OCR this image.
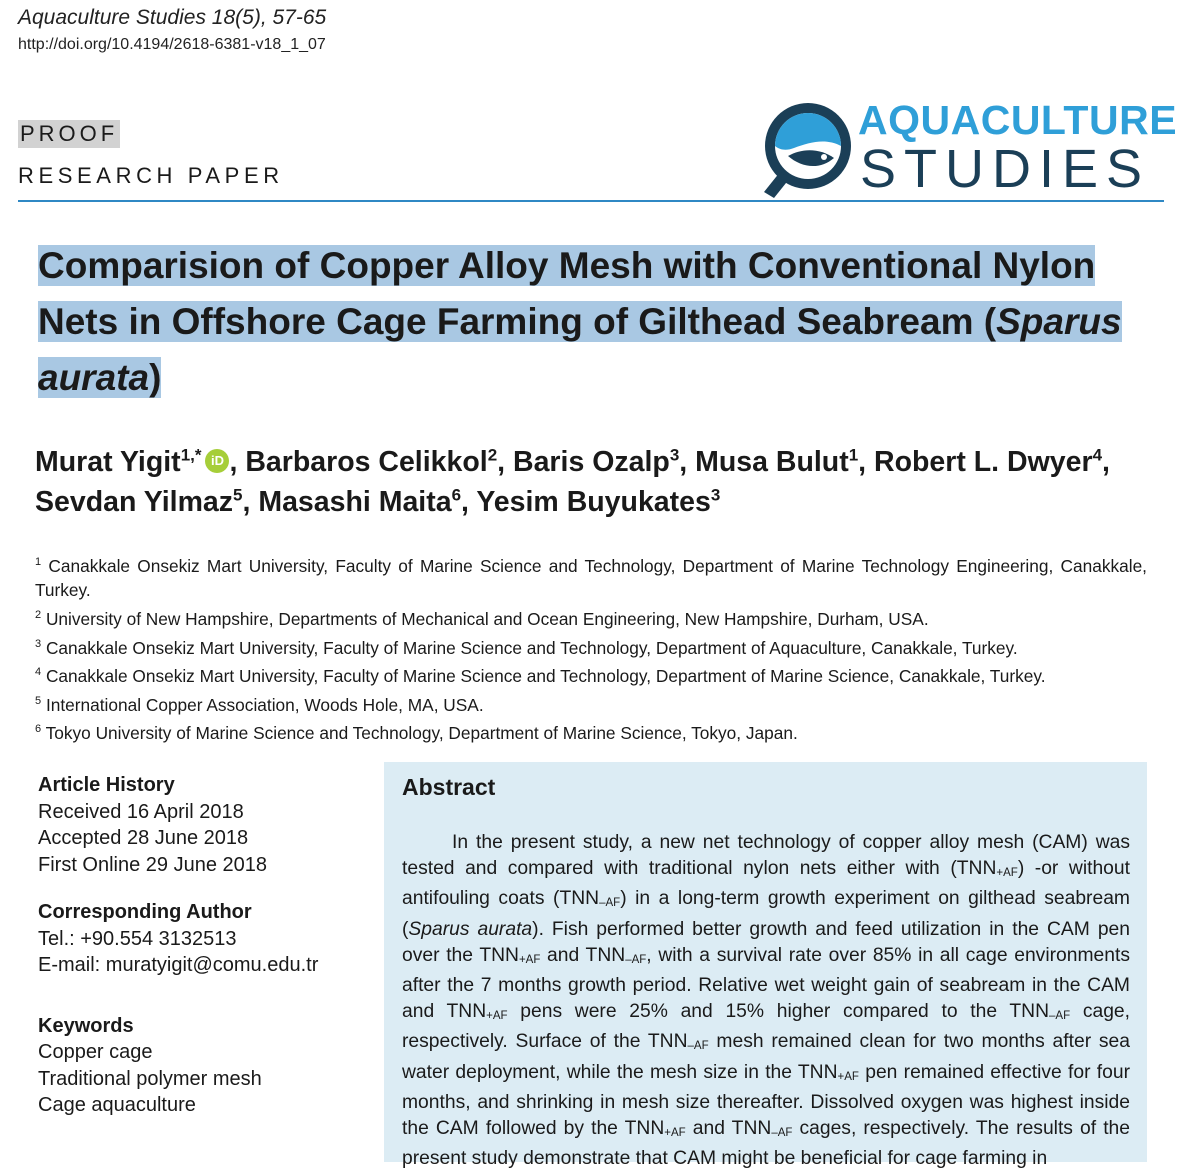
Aquaculture Studies 18(5), 57-65
http://doi.org/10.4194/2618-6381-v18_1_07
PROOF
RESEARCH PAPER
AQUACULTURE
STUDIES
Comparision of Copper Alloy Mesh with Conventional Nylon
Nets in Offshore Cage Farming of Gilthead Seabream (Sparus
aurata)
Murat Yigit$^{1,*}$ iD , Barbaros Celikkol$^2$, Baris Ozalp$^3$, Musa Bulut$^1$, Robert L. Dwyer$^4$,
Sevdan Yilmaz$^5$, Masashi Maita$^6$, Yesim Buyukates$^3$

$^1$ Canakkale Onsekiz Mart University, Faculty of Marine Science and Technology, Department of Marine Technology Engineering, Canakkale, Turkey.

$^2$ University of New Hampshire, Departments of Mechanical and Ocean Engineering, New Hampshire, Durham, USA.

$^3$ Canakkale Onsekiz Mart University, Faculty of Marine Science and Technology, Department of Aquaculture, Canakkale, Turkey.

$^4$ Canakkale Onsekiz Mart University, Faculty of Marine Science and Technology, Department of Marine Science, Canakkale, Turkey.

$^5$ International Copper Association, Woods Hole, MA, USA.

$^6$ Tokyo University of Marine Science and Technology, Department of Marine Science, Tokyo, Japan.

Article History
Received 16 April 2018
Accepted 28 June 2018
First Online 29 June 2018
Corresponding Author
Tel.: +90.554 3132513
E-mail: muratyigit@comu.edu.tr
Keywords
Copper cage
Traditional polymer mesh
Cage aquaculture
Abstract
In the present study, a new net technology of copper alloy mesh (CAM) was tested and compared with traditional nylon nets either with (TNN+AF) -or without antifouling coats (TNN–AF) in a long-term growth experiment on gilthead seabream (Sparus aurata). Fish performed better growth and feed utilization in the CAM pen over the TNN+AF and TNN–AF, with a survival rate over 85% in all cage environments after the 7 months growth period. Relative wet weight gain of seabream in the CAM and TNN+AF pens were 25% and 15% higher compared to the TNN–AF cage, respectively. Surface of the TNN–AF mesh remained clean for two months after sea water deployment, while the mesh size in the TNN+AF pen remained effective for four months, and shrinking in mesh size thereafter. Dissolved oxygen was highest inside the CAM followed by the TNN+AF and TNN–AF cages, respectively. The results of the present study demonstrate that CAM might be beneficial for cage farming in
